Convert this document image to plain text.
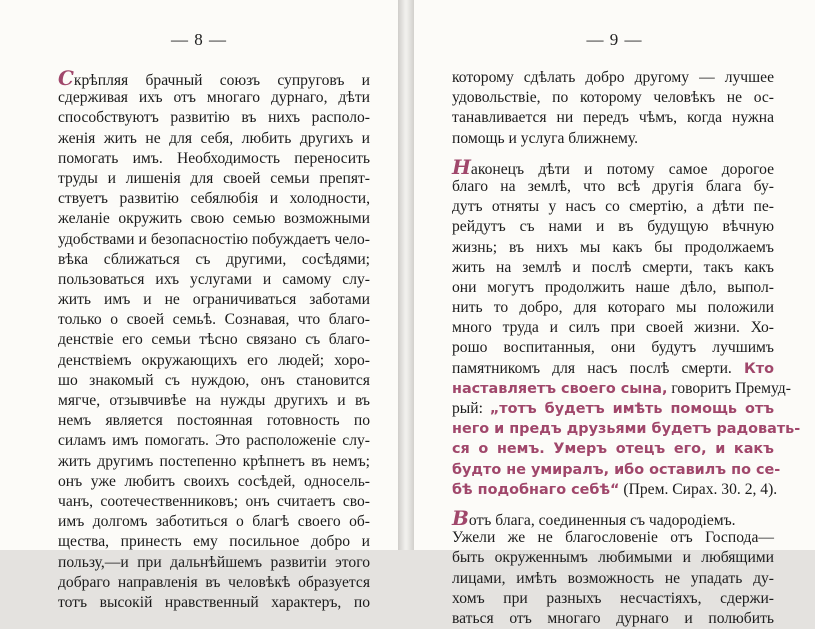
— 8 —
Скрѣпляя брачный союзъ супруговъ и
сдерживая ихъ отъ многаго дурнаго, дѣти
способствуютъ развитiю въ нихъ располо-
женiя жить не для себя, любить другихъ и
помогать имъ. Необходимость переносить
труды и лишенiя для своей семьи препят-
ствуетъ развитiю себялюбiя и холодности,
желанiе окружить свою семью возможными
удобствами и безопасностiю побуждаетъ чело-
вѣка сближаться съ другими, сосѣдями;
пользоваться ихъ услугами и самому слу-
жить имъ и не ограничиваться заботами
только о своей семьѣ. Сознавая, что благо-
денствiе его семьи тѣсно связано съ благо-
денствiемъ окружающихъ его людей; хоро-
шо знакомый съ нуждою, онъ становится
мягче, отзывчивѣе на нужды другихъ и въ
немъ является постоянная готовность по
силамъ имъ помогать. Это расположенiе слу-
жить другимъ постепенно крѣпнетъ въ немъ;
онъ уже любитъ своихъ сосѣдей, односель-
чанъ, соотечественниковъ; онъ считаетъ сво-
имъ долгомъ заботиться о благѣ своего об-
щества, принесть ему посильное добро и
пользу,—и при дальнѣйшемъ развитiи этого
добраго направленiя въ человѣкѣ образуется
тотъ высокiй нравственный характеръ, по
— 9 —
которому сдѣлать добро другому — лучшее
удовольствiе, по которому человѣкъ не ос-
танавливается ни передъ чѣмъ, когда нужна
помощь и услуга ближнему.
Наконецъ дѣти и потому самое дорогое
благо на землѣ, что всѣ другiя блага бу-
дутъ отняты у насъ со смертiю, а дѣти пе-
рейдутъ съ нами и въ будущую вѣчную
жизнь; въ нихъ мы какъ бы продолжаемъ
жить на землѣ и послѣ смерти, такъ какъ
они могутъ продолжить наше дѣло, выпол-
нить то добро, для котораго мы положили
много труда и силъ при своей жизни. Хо-
рошо воспитанныя, они будутъ лучшимъ
памятникомъ для насъ послѣ смерти. Кто
наставляетъ своего сына, говоритъ Премуд-
рый: „тотъ будетъ имѣть помощь отъ
него и предъ друзьями будетъ радовать-
ся о немъ. Умеръ отецъ его, и какъ
будто не умиралъ, ибо оставилъ по се-
бѣ подобнаго себѣ“ (Прем. Сирах. 30. 2, 4).
Вотъ блага, соединенныя съ чадородiемъ.
Ужели же не благословенiе отъ Господа—
быть окруженнымъ любимыми и любящими
лицами, имѣть возможность не упадать ду-
хомъ при разныхъ несчастiяхъ, сдержи-
ваться отъ многаго дурнаго и полюбить
